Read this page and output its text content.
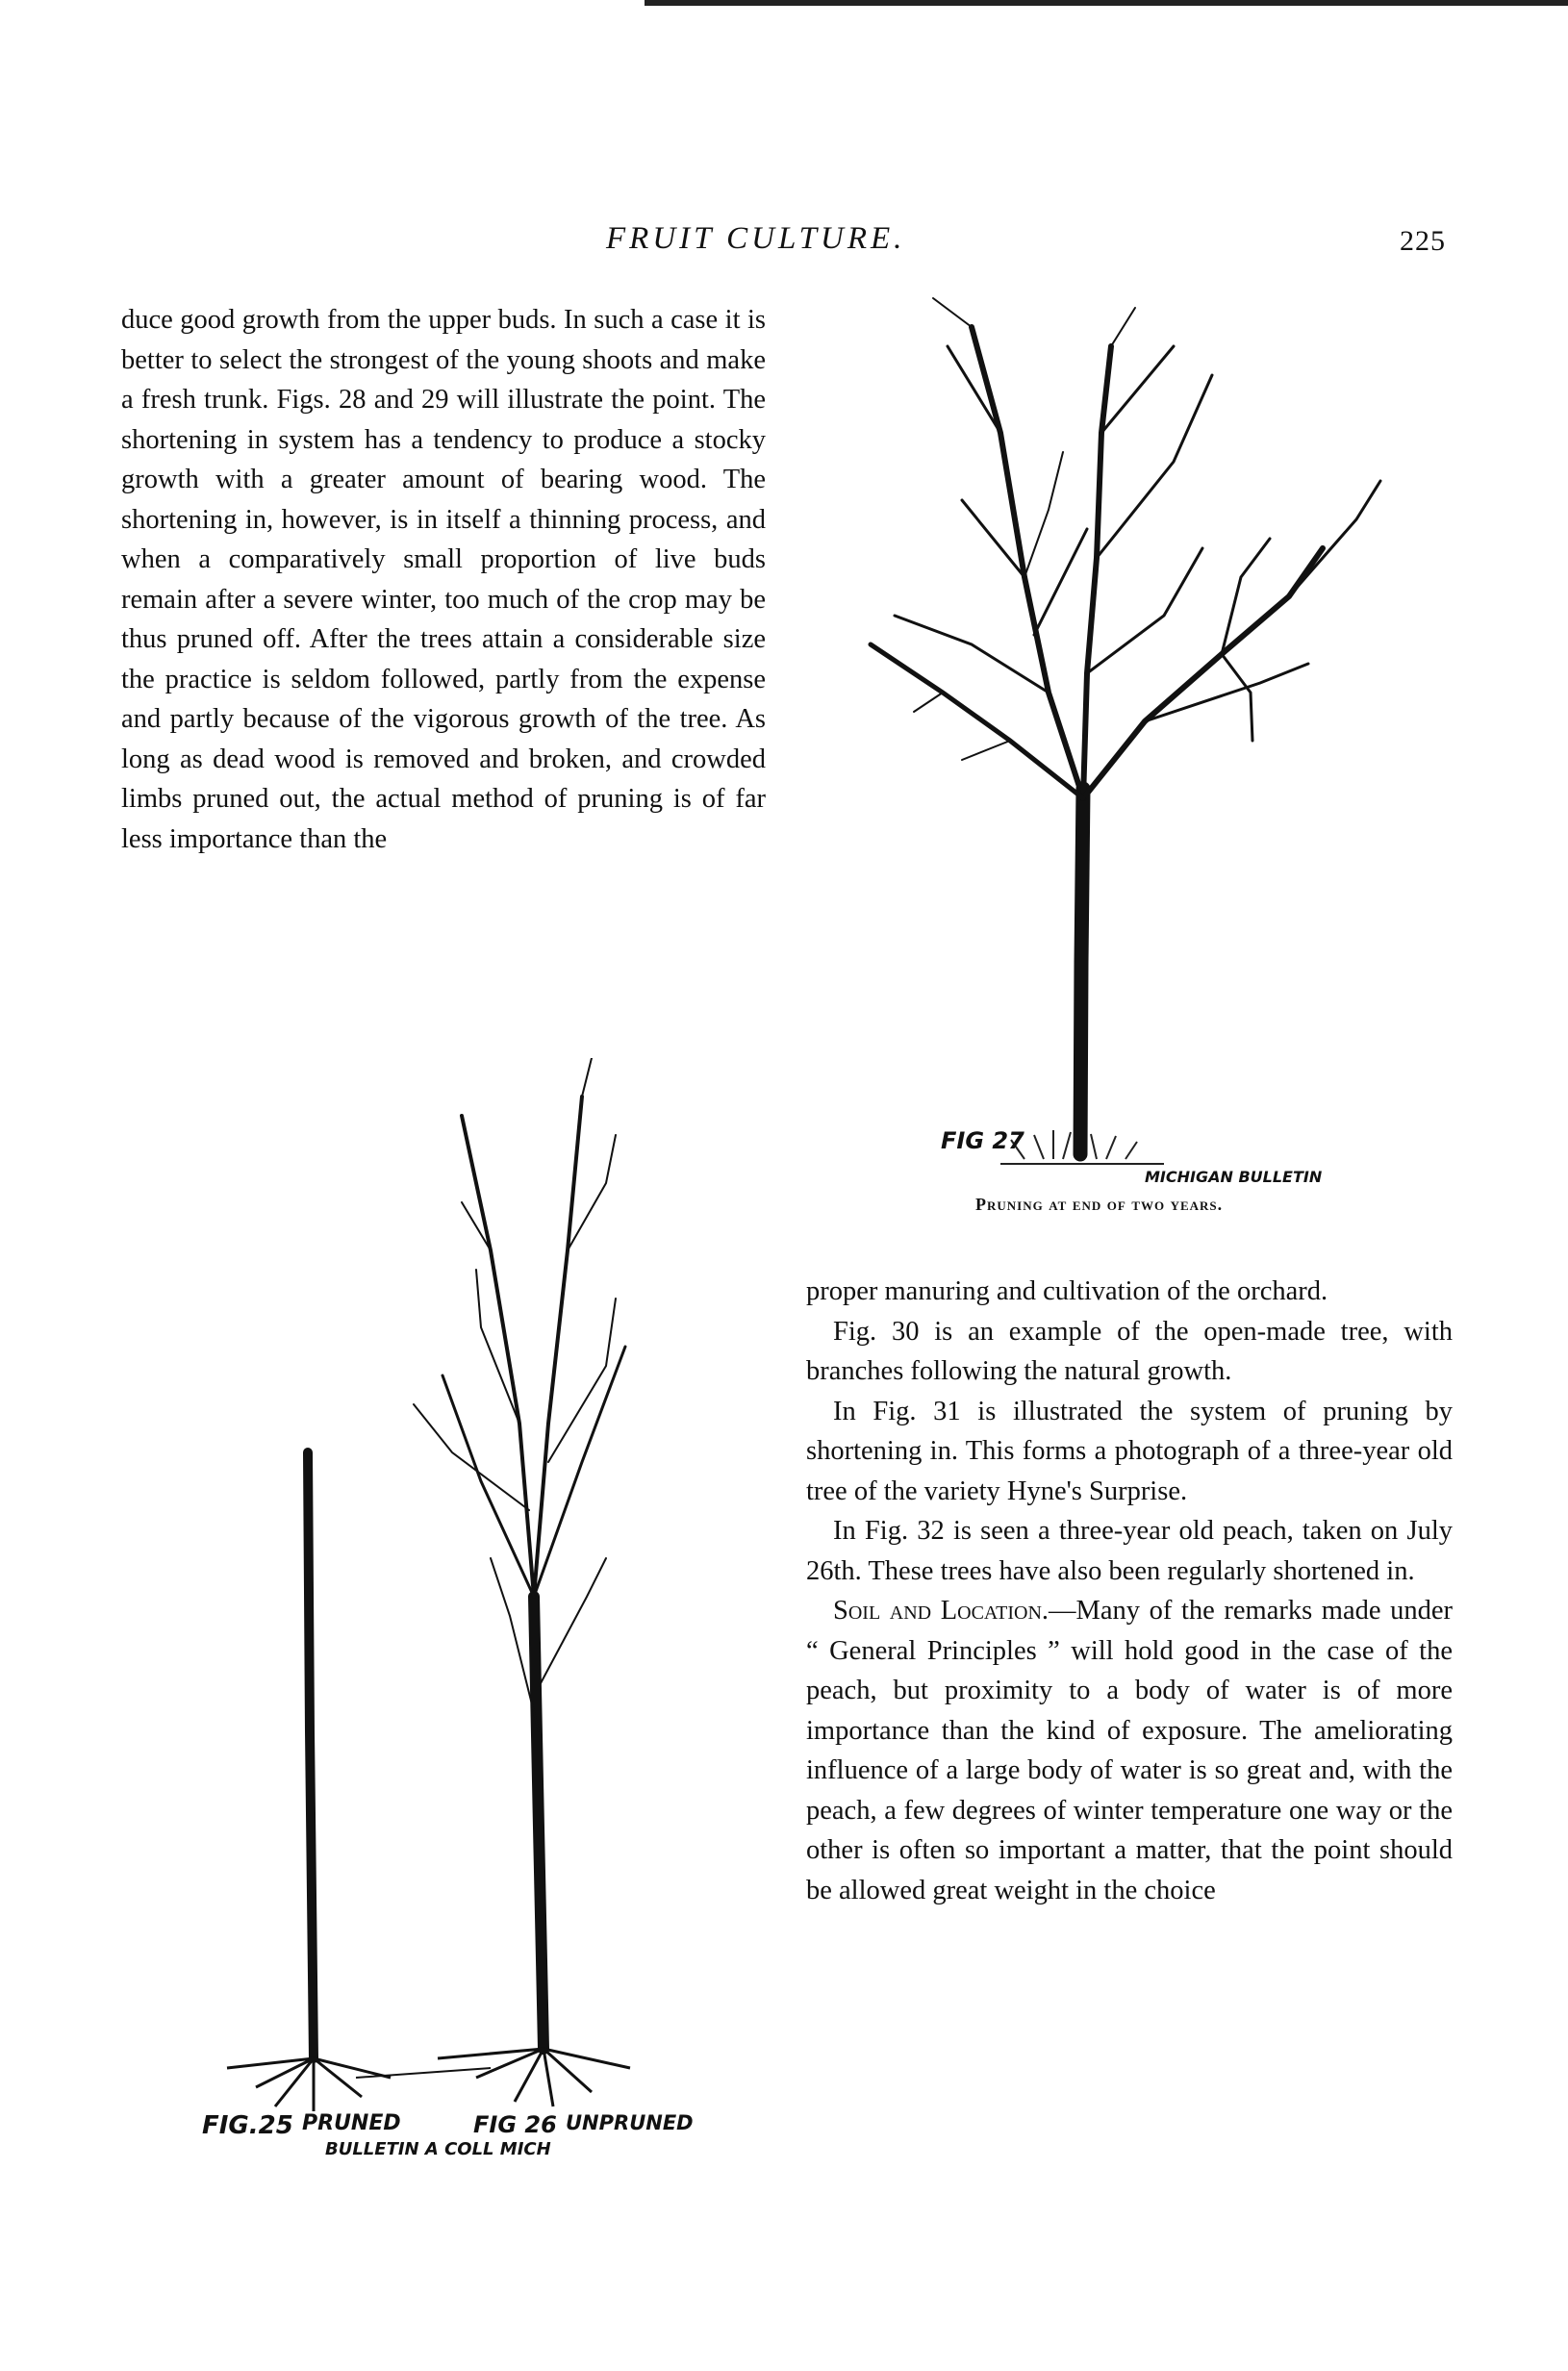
FRUIT CULTURE.	225

duce good growth from the upper buds. In such a case it is better to select the strongest of the young shoots and make a fresh trunk. Figs. 28 and 29 will illustrate the point. The shortening in system has a tendency to produce a stocky growth with a greater amount of bearing wood. The shortening in, however, is in itself a thinning process, and when a comparatively small proportion of live buds remain after a severe winter, too much of the crop may be thus pruned off. After the trees attain a considerable size the practice is seldom followed, partly from the expense and partly because of the vigorous growth of the tree. As long as dead wood is removed and broken, and crowded limbs pruned out, the actual method of pruning is of far less importance than the

proper manuring and cultivation of the orchard.

Fig. 30 is an example of the open-made tree, with branches following the natural growth.

In Fig. 31 is illustrated the system of pruning by shortening in. This forms a photograph of a three-year old tree of the variety Hyne's Surprise.

In Fig. 32 is seen a three-year old peach, taken on July 26th. These trees have also been regularly shortened in.

Soil and Location.—Many of the remarks made under “ General Principles ” will hold good in the case of the peach, but proximity to a body of water is of more importance than the kind of exposure. The ameliorating influence of a large body of water is so great and, with the peach, a few degrees of winter temperature one way or the other is often so important a matter, that the point should be allowed great weight in the choice

FIG 27
MICHIGAN BULLETIN
Pruning at end of two years.
FIG.25 PRUNED	FIG 26 UNPRUNED
BULLETIN A COLL MICH
